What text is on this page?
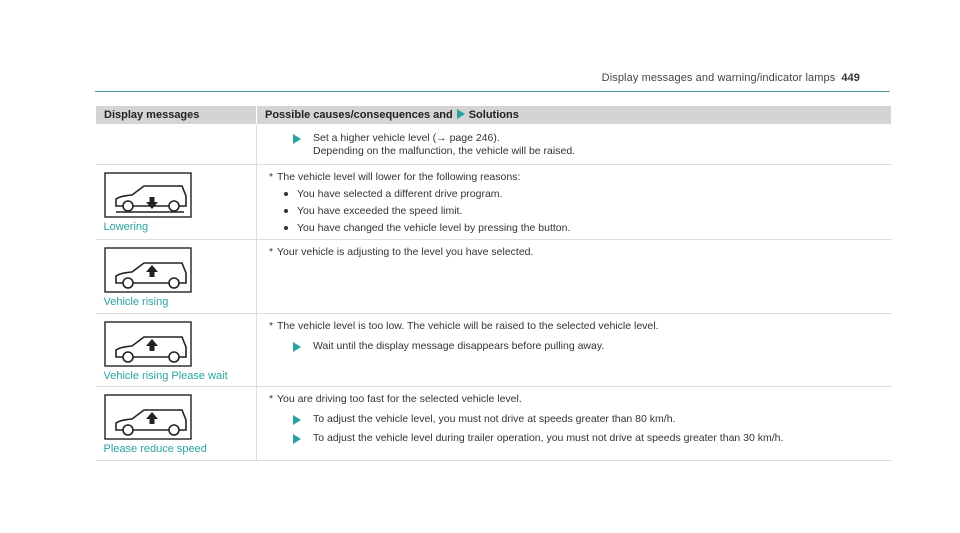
Display messages and warning/indicator lamps 449
Display messages	Possible causes/consequences and Solutions

	Set a higher vehicle level (→ page 246).
Depending on the malfunction, the vehicle will be raised.

Lowering	* The vehicle level will lower for the following reasons:
You have selected a different drive program.
You have exceeded the speed limit.
You have changed the vehicle level by pressing the button.

Vehicle rising	* Your vehicle is adjusting to the level you have selected.

Vehicle rising Please wait	* The vehicle level is too low. The vehicle will be raised to the selected vehicle level.
Wait until the display message disappears before pulling away.

Please reduce speed	* You are driving too fast for the selected vehicle level.
To adjust the vehicle level, you must not drive at speeds greater than 80 km/h.
To adjust the vehicle level during trailer operation, you must not drive at speeds greater than 30 km/h.
